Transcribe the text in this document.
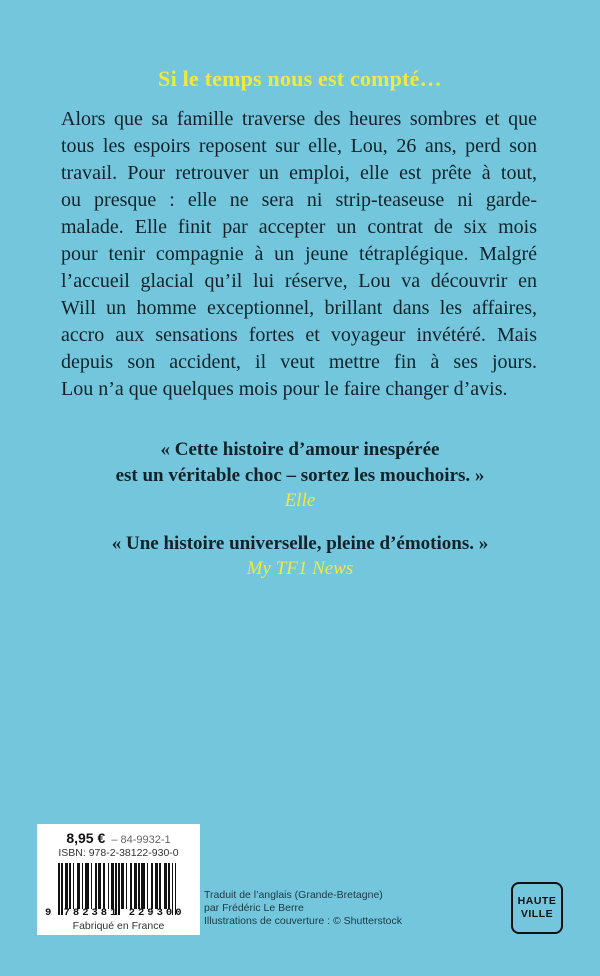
Si le temps nous est compté…
Alors que sa famille traverse des heures sombres et que
tous les espoirs reposent sur elle, Lou, 26 ans, perd son
travail. Pour retrouver un emploi, elle est prête à tout,
ou presque : elle ne sera ni strip-teaseuse ni garde-
malade. Elle finit par accepter un contrat de six mois
pour tenir compagnie à un jeune tétraplégique. Malgré
l’accueil glacial qu’il lui réserve, Lou va découvrir en
Will un homme exceptionnel, brillant dans les affaires,
accro aux sensations fortes et voyageur invétéré. Mais
depuis son accident, il veut mettre fin à ses jours.
Lou n’a que quelques mois pour le faire changer d’avis.
« Cette histoire d’amour inespérée
est un véritable choc – sortez les mouchoirs. »
Elle
« Une histoire universelle, pleine d’émotions. »
My TF1 News
8,95 € – 84-9932-1
ISBN: 978-2-38122-930-0
9 782381 229300
Fabriqué en France
Traduit de l’anglais (Grande-Bretagne)
par Frédéric Le Berre
Illustrations de couverture : © Shutterstock
HAUTE
VILLE
